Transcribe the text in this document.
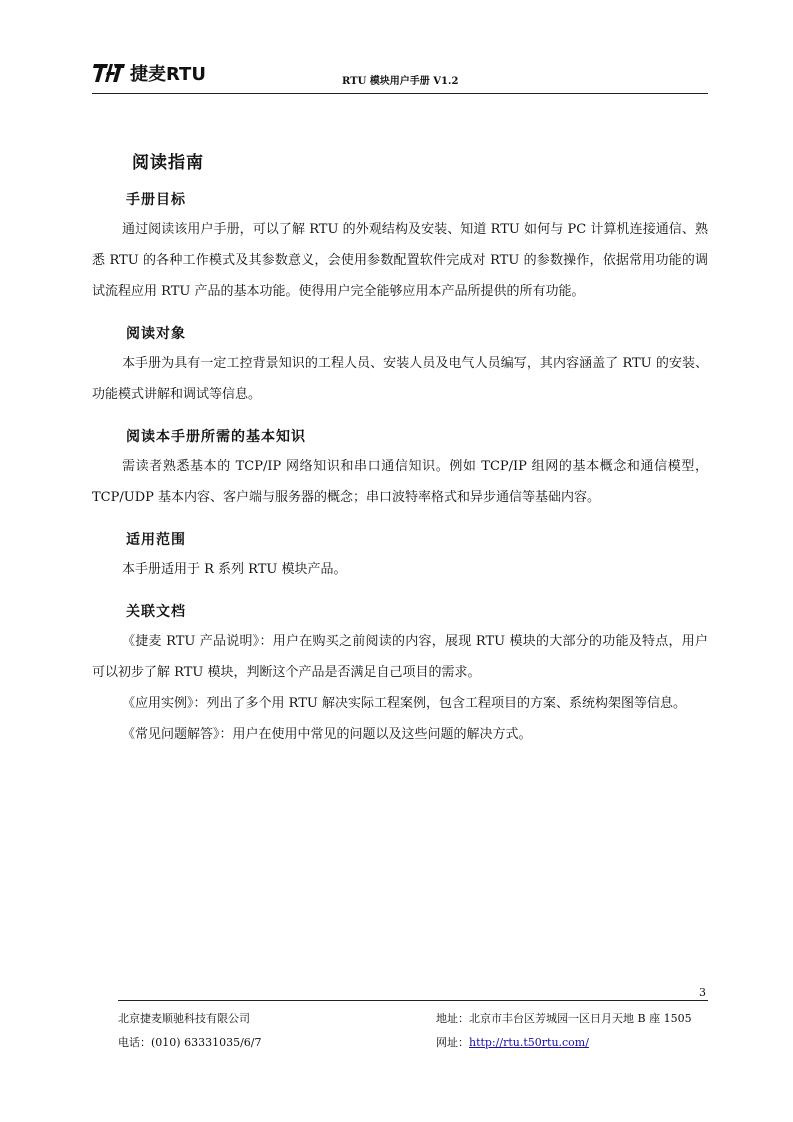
捷麦RTU	RTU 模块用户手册 V1.2
阅读指南
手册目标

通过阅读该用户手册，可以了解 RTU 的外观结构及安装、知道 RTU 如何与 PC 计算机连接通信、熟悉 RTU 的各种工作模式及其参数意义，会使用参数配置软件完成对 RTU 的参数操作，依据常用功能的调试流程应用 RTU 产品的基本功能。使得用户完全能够应用本产品所提供的所有功能。

阅读对象

本手册为具有一定工控背景知识的工程人员、安装人员及电气人员编写，其内容涵盖了 RTU 的安装、功能模式讲解和调试等信息。

阅读本手册所需的基本知识

需读者熟悉基本的 TCP/IP 网络知识和串口通信知识。例如 TCP/IP 组网的基本概念和通信模型，TCP/UDP 基本内容、客户端与服务器的概念；串口波特率格式和异步通信等基础内容。

适用范围

本手册适用于 R 系列 RTU 模块产品。

关联文档

《捷麦 RTU 产品说明》：用户在购买之前阅读的内容，展现 RTU 模块的大部分的功能及特点，用户可以初步了解 RTU 模块，判断这个产品是否满足自己项目的需求。

《应用实例》：列出了多个用 RTU 解决实际工程案例，包含工程项目的方案、系统构架图等信息。

《常见问题解答》：用户在使用中常见的问题以及这些问题的解决方式。

3
北京捷麦顺驰科技有限公司
电话：(010) 63331035/6/7
地址：北京市丰台区芳城园一区日月天地 B 座 1505
网址：http://rtu.t50rtu.com/
